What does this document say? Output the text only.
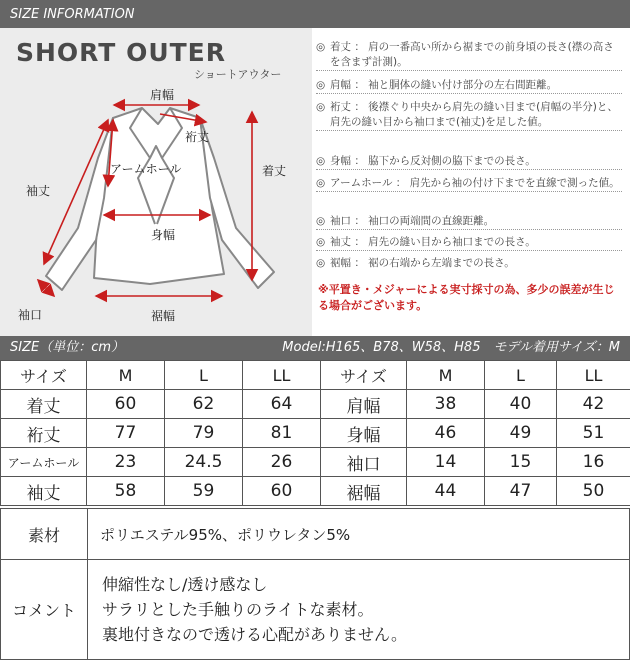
SIZE INFORMATION
SHORT OUTER
ショートアウター
肩幅
裄丈
アームホール	着丈
袖丈
身幅
袖口	裾幅
◎ 着丈 ： 肩の一番高い所から裾までの前身頃の長さ(襟の高さを含まず計測)。
◎ 肩幅 ： 袖と胴体の縫い付け部分の左右間距離。
◎ 裄丈 ： 後襟ぐり中央から肩先の縫い目まで(肩幅の半分)と、肩先の縫い目から袖口まで(袖丈)を足した値。
◎ 身幅 ： 脇下から反対側の脇下までの長さ。
◎ アームホール ： 肩先から袖の付け下までを直線で測った値。
◎ 袖口 ： 袖口の両端間の直線距離。
◎ 袖丈 ： 肩先の縫い目から袖口までの長さ。
◎ 裾幅 ： 裾の右端から左端までの長さ。
※平置き・メジャーによる実寸採寸の為、多少の誤差が生じる場合がございます。
SIZE（単位：cm）	Model:H165、B78、W58、H85　モデル着用サイズ：M
サイズ	M	L	LL	サイズ	M	L	LL
着丈	60	62	64	肩幅	38	40	42
裄丈	77	79	81	身幅	46	49	51
アームホール	23	24.5	26	袖口	14	15	16
袖丈	58	59	60	裾幅	44	47	50
素材	ポリエステル95%、ポリウレタン5%
コメント
伸縮性なし/透け感なし
サラリとした手触りのライトな素材。
裏地付きなので透ける心配がありません。
